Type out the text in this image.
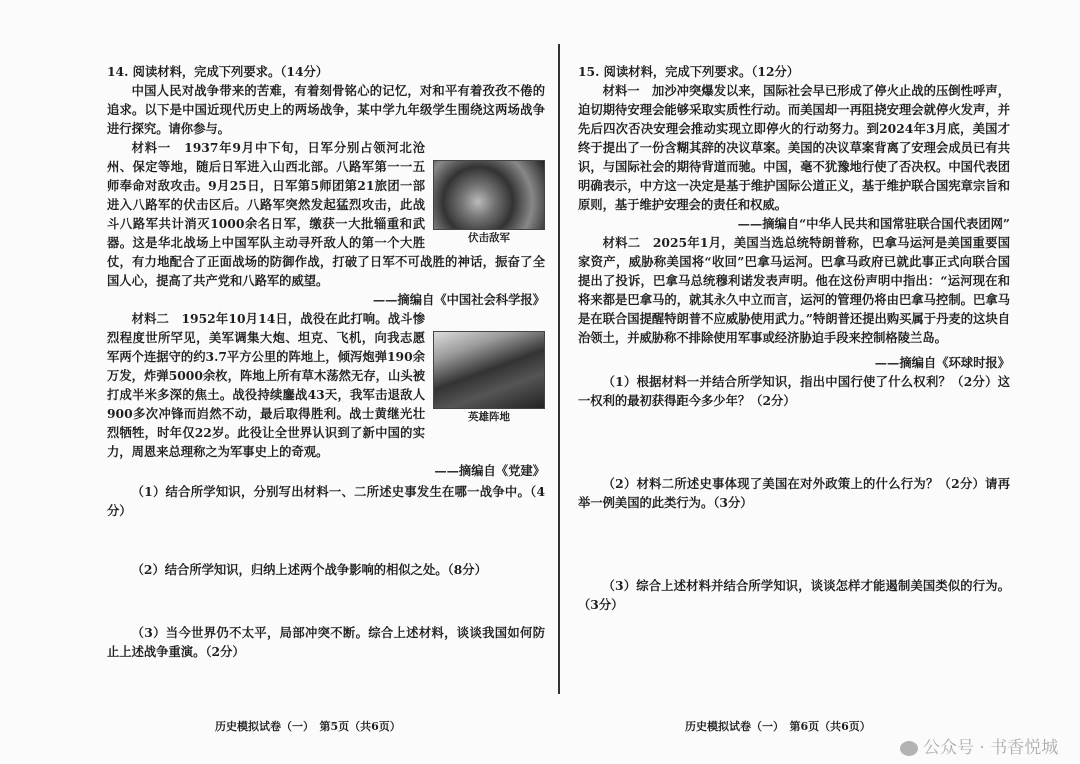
14. 阅读材料，完成下列要求。（14分）

中国人民对战争带来的苦难，有着刻骨铭心的记忆，对和平有着孜孜不倦的追求。以下是中国近现代历史上的两场战争，某中学九年级学生围绕这两场战争进行探究。请你参与。

伏击敌军

材料一　1937年9月中下旬，日军分别占领河北沧州、保定等地，随后日军进入山西北部。八路军第一一五师奉命对敌攻击。9月25日，日军第5师团第21旅团一部进入八路军的伏击区后。八路军突然发起猛烈攻击，此战斗八路军共计消灭1000余名日军，缴获一大批辎重和武器。这是华北战场上中国军队主动寻歼敌人的第一个大胜仗，有力地配合了正面战场的防御作战，打破了日军不可战胜的神话，振奋了全国人心，提高了共产党和八路军的威望。

——摘编自《中国社会科学报》

英雄阵地

材料二　1952年10月14日，战役在此打响。战斗惨烈程度世所罕见，美军调集大炮、坦克、飞机，向我志愿军两个连据守的约3.7平方公里的阵地上，倾泻炮弹190余万发，炸弹5000余枚，阵地上所有草木荡然无存，山头被打成半米多深的焦土。战役持续鏖战43天，我军击退敌人900多次冲锋而岿然不动，最后取得胜利。战士黄继光壮烈牺牲，时年仅22岁。此役让全世界认识到了新中国的实力，周恩来总理称之为军事史上的奇观。

——摘编自《党建》

（1）结合所学知识，分别写出材料一、二所述史事发生在哪一战争中。（4分）

（2）结合所学知识，归纳上述两个战争影响的相似之处。（8分）

（3）当今世界仍不太平，局部冲突不断。综合上述材料，谈谈我国如何防止上述战争重演。（2分）

15. 阅读材料，完成下列要求。（12分）

材料一　加沙冲突爆发以来，国际社会早已形成了停火止战的压倒性呼声，迫切期待安理会能够采取实质性行动。而美国却一再阻挠安理会就停火发声，并先后四次否决安理会推动实现立即停火的行动努力。到2024年3月底，美国才终于提出了一份含糊其辞的决议草案。美国的决议草案背离了安理会成员已有共识，与国际社会的期待背道而驰。中国，毫不犹豫地行使了否决权。中国代表团明确表示，中方这一决定是基于维护国际公道正义，基于维护联合国宪章宗旨和原则，基于维护安理会的责任和权威。

——摘编自“中华人民共和国常驻联合国代表团网”

材料二　2025年1月，美国当选总统特朗普称，巴拿马运河是美国重要国家资产，威胁称美国将“收回”巴拿马运河。巴拿马政府已就此事正式向联合国提出了投诉，巴拿马总统穆利诺发表声明。他在这份声明中指出：“运河现在和将来都是巴拿马的，就其永久中立而言，运河的管理仍将由巴拿马控制。巴拿马是在联合国提醒特朗普不应威胁使用武力。”特朗普还提出购买属于丹麦的这块自治领土，并威胁称不排除使用军事或经济胁迫手段来控制格陵兰岛。

——摘编自《环球时报》

（1）根据材料一并结合所学知识，指出中国行使了什么权利？（2分）这一权利的最初获得距今多少年？（2分）

（2）材料二所述史事体现了美国在对外政策上的什么行为？（2分）请再举一例美国的此类行为。（3分）

（3）综合上述材料并结合所学知识，谈谈怎样才能遏制美国类似的行为。（3分）

历史模拟试卷（一）　第5页（共6页）	历史模拟试卷（一）　第6页（共6页）
公众号 · 书香悦城
